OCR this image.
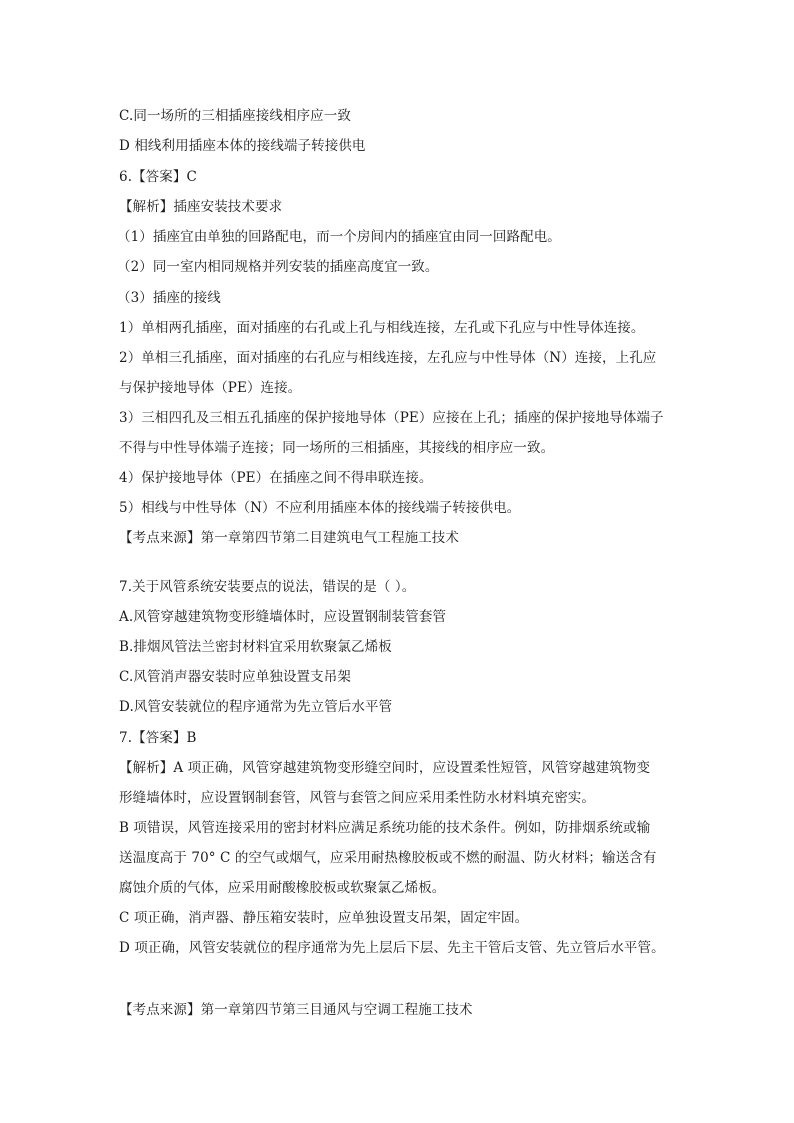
C.同一场所的三相插座接线相序应一致
D 相线利用插座本体的接线端子转接供电
6.【答案】C
【解析】插座安装技术要求
（1）插座宜由单独的回路配电，而一个房间内的插座宜由同一回路配电。
（2）同一室内相同规格并列安装的插座高度宜一致。
（3）插座的接线
1）单相两孔插座，面对插座的右孔或上孔与相线连接，左孔或下孔应与中性导体连接。
2）单相三孔插座，面对插座的右孔应与相线连接，左孔应与中性导体（N）连接，上孔应
与保护接地导体（PE）连接。
3）三相四孔及三相五孔插座的保护接地导体（PE）应接在上孔；插座的保护接地导体端子
不得与中性导体端子连接；同一场所的三相插座，其接线的相序应一致。
4）保护接地导体（PE）在插座之间不得串联连接。
5）相线与中性导体（N）不应利用插座本体的接线端子转接供电。
【考点来源】第一章第四节第二目建筑电气工程施工技术
7.关于风管系统安装要点的说法，错误的是（ ）。
A.风管穿越建筑物变形缝墙体时，应设置钢制装管套管
B.排烟风管法兰密封材料宜采用软聚氯乙烯板
C.风管消声器安装时应单独设置支吊架
D.风管安装就位的程序通常为先立管后水平管
7.【答案】B
【解析】A 项正确，风管穿越建筑物变形缝空间时，应设置柔性短管，风管穿越建筑物变
形缝墙体时，应设置钢制套管，风管与套管之间应采用柔性防水材料填充密实。
B 项错误，风管连接采用的密封材料应满足系统功能的技术条件。例如，防排烟系统或输
送温度高于 70° C 的空气或烟气，应采用耐热橡胶板或不燃的耐温、防火材料；输送含有
腐蚀介质的气体，应采用耐酸橡胶板或软聚氯乙烯板。
C 项正确，消声器、静压箱安装时，应单独设置支吊架，固定牢固。
D 项正确，风管安装就位的程序通常为先上层后下层、先主干管后支管、先立管后水平管。
【考点来源】第一章第四节第三目通风与空调工程施工技术
